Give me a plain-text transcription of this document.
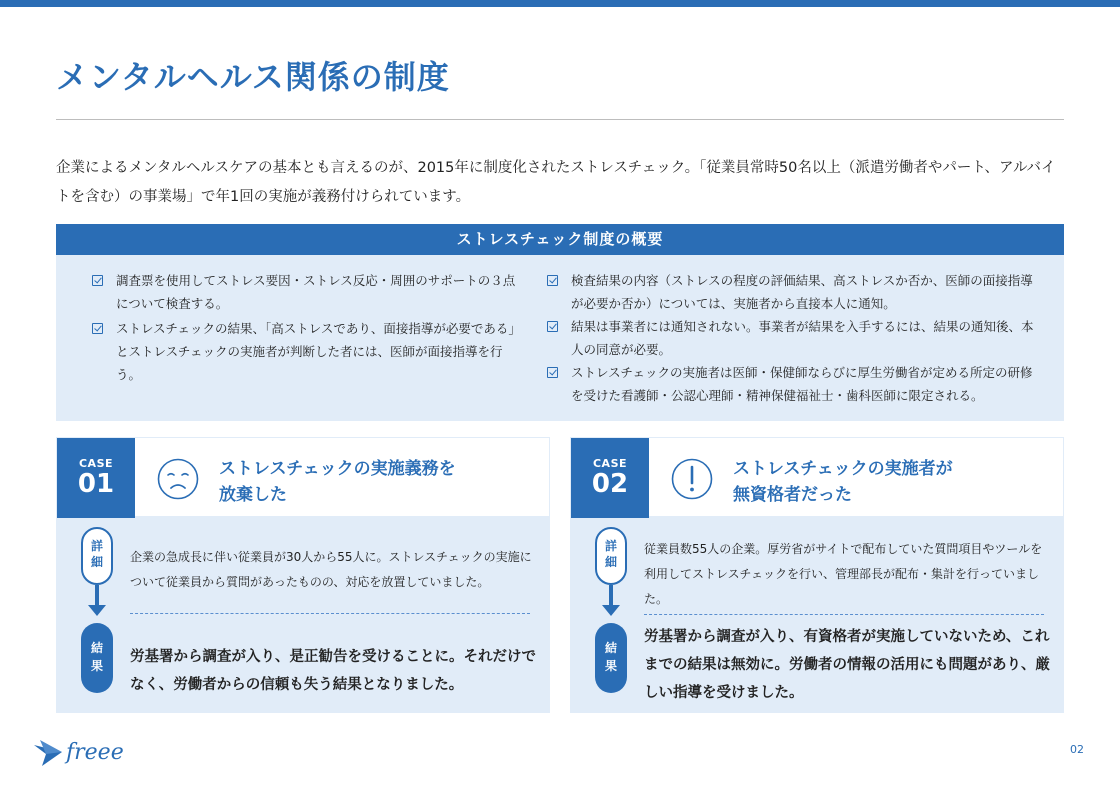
メンタルヘルス関係の制度

企業によるメンタルヘルスケアの基本とも言えるのが、2015年に制度化されたストレスチェック。「従業員常時50名以上（派遣労働者やパート、アルバイトを含む）の事業場」で年1回の実施が義務付けられています。

ストレスチェック制度の概要
調査票を使用してストレス要因・ストレス反応・周囲のサポートの３点について検査する。
ストレスチェックの結果、「高ストレスであり、面接指導が必要である」とストレスチェックの実施者が判断した者には、医師が面接指導を行う。
検査結果の内容（ストレスの程度の評価結果、高ストレスか否か、医師の面接指導が必要か否か）については、実施者から直接本人に通知。
結果は事業者には通知されない。事業者が結果を入手するには、結果の通知後、本人の同意が必要。
ストレスチェックの実施者は医師・保健師ならびに厚生労働省が定める所定の研修を受けた看護師・公認心理師・精神保健福祉士・歯科医師に限定される。
CASE
01	ストレスチェックの実施義務を
放棄した
詳
細
結
果

企業の急成長に伴い従業員が30人から55人に。ストレスチェックの実施について従業員から質問があったものの、対応を放置していました。

労基署から調査が入り、是正勧告を受けることに。それだけでなく、労働者からの信頼も失う結果となりました。

CASE
02	ストレスチェックの実施者が
無資格者だった
詳
細
結
果

従業員数55人の企業。厚労省がサイトで配布していた質問項目やツールを利用してストレスチェックを行い、管理部長が配布・集計を行っていました。

労基署から調査が入り、有資格者が実施していないため、これまでの結果は無効に。労働者の情報の活用にも問題があり、厳しい指導を受けました。

freee	02
